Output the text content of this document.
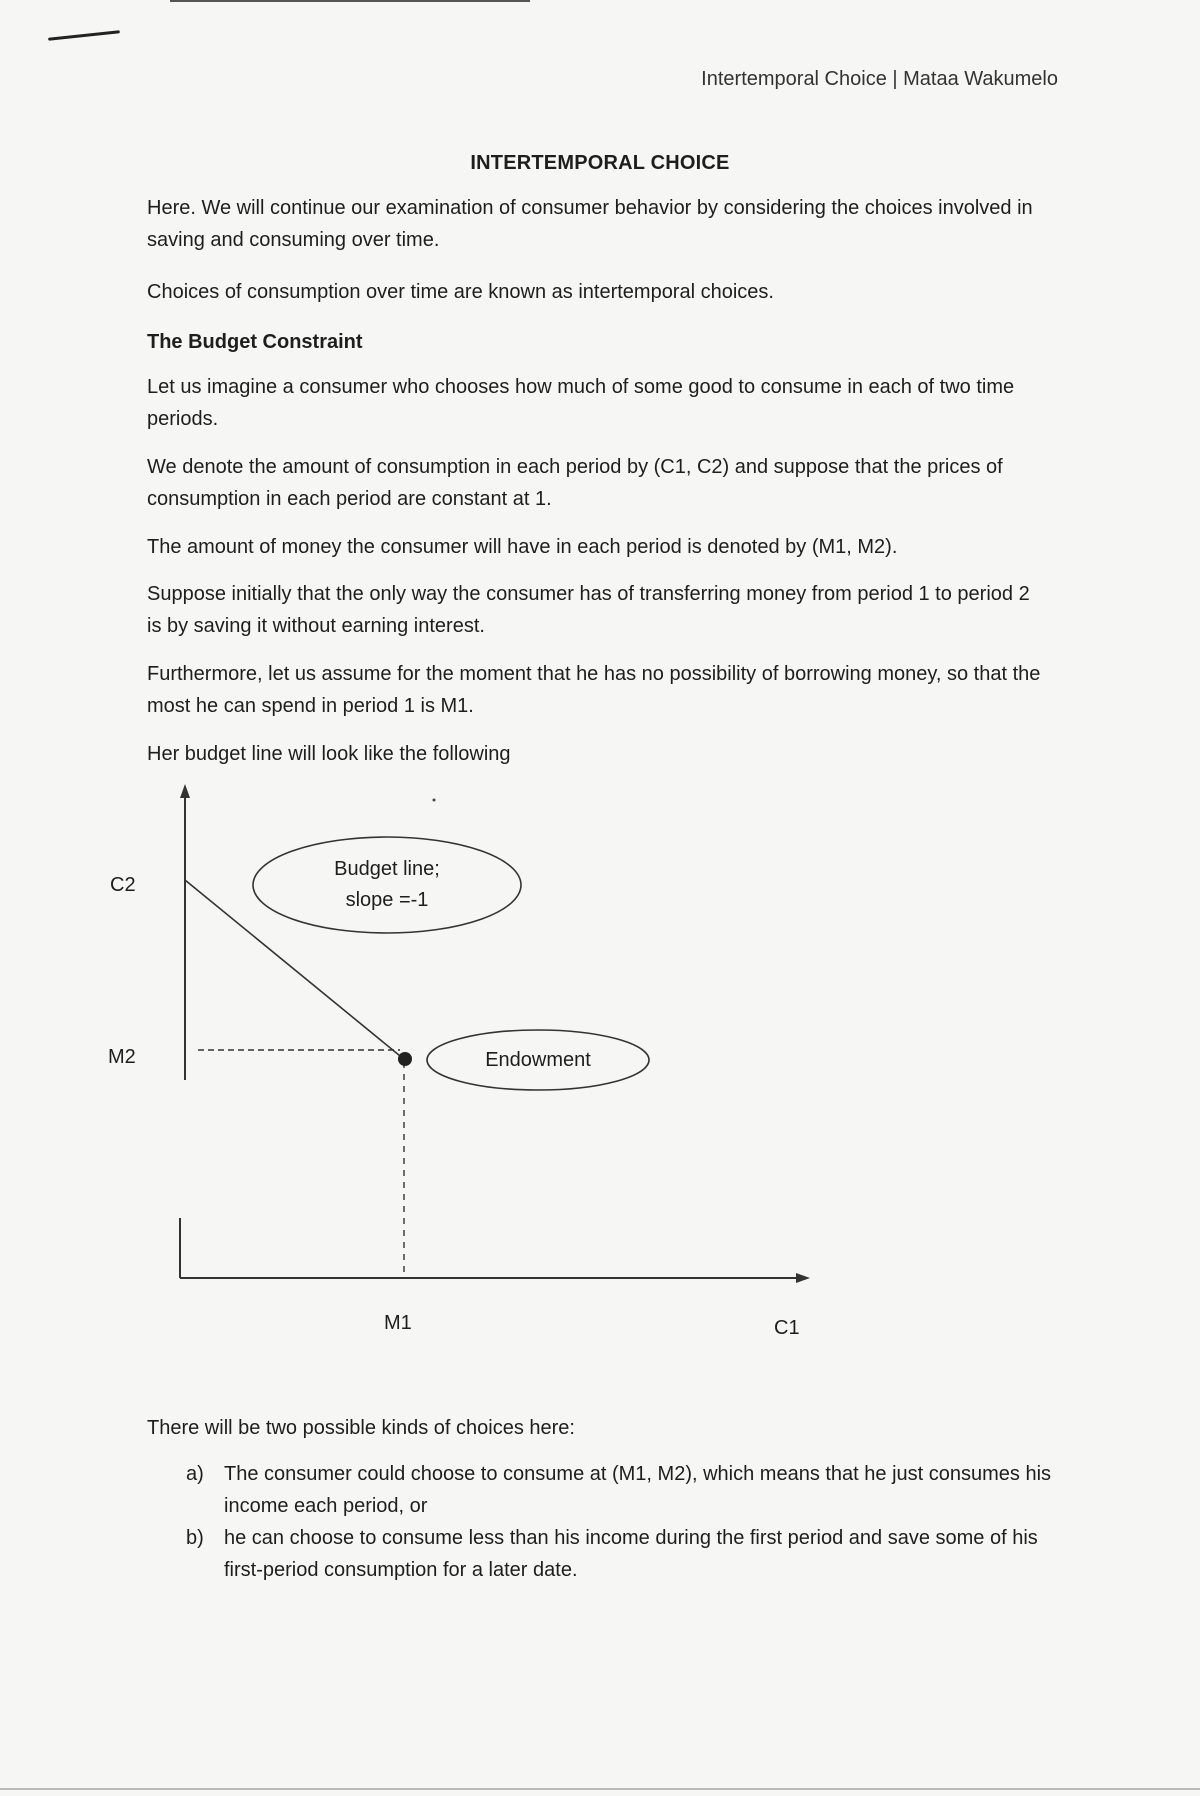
Intertemporal Choice | Mataa Wakumelo
INTERTEMPORAL CHOICE

Here. We will continue our examination of consumer behavior by considering the choices involved in saving and consuming over time.

Choices of consumption over time are known as intertemporal choices.

The Budget Constraint

Let us imagine a consumer who chooses how much of some good to consume in each of two time periods.

We denote the amount of consumption in each period by (C1, C2) and suppose that the prices of consumption in each period are constant at 1.

The amount of money the consumer will have in each period is denoted by (M1, M2).

Suppose initially that the only way the consumer has of transferring money from period 1 to period 2 is by saving it without earning interest.

Furthermore, let us assume for the moment that he has no possibility of borrowing money, so that the most he can spend in period 1 is M1.

Her budget line will look like the following

C2
M2
M1	C1
Budget line;
slope =-1
Endowment

There will be two possible kinds of choices here:

a) The consumer could choose to consume at (M1, M2), which means that he just consumes his income each period, or
b) he can choose to consume less than his income during the first period and save some of his first-period consumption for a later date.
